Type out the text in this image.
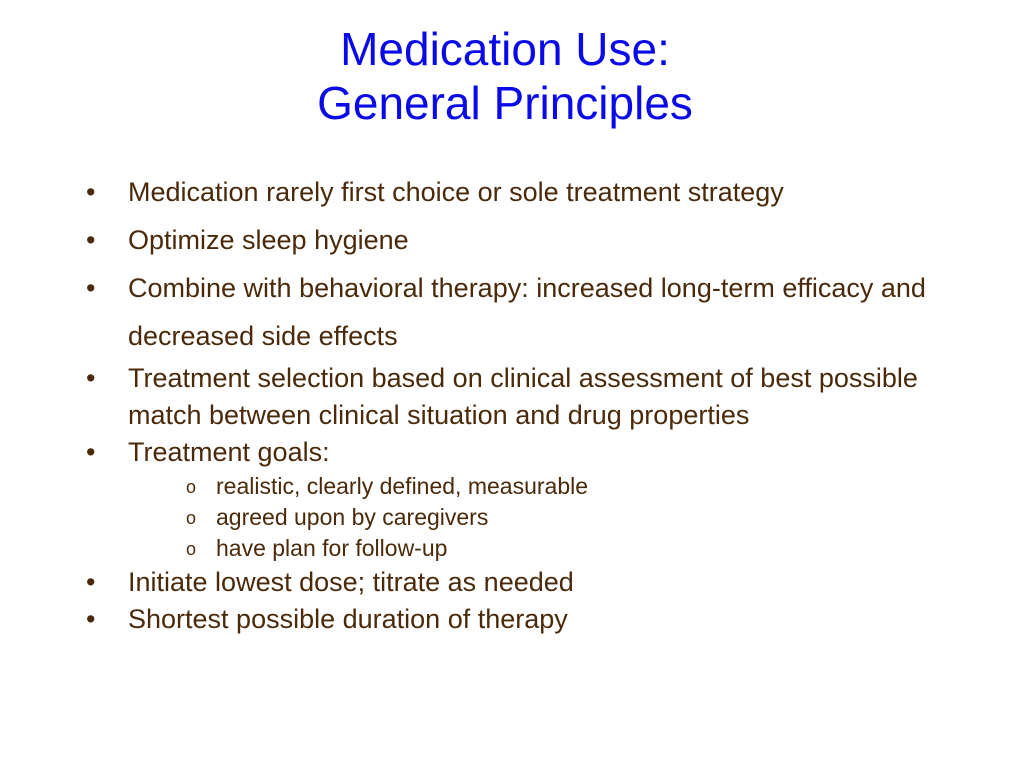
Medication Use:
General Principles
•	Medication rarely first choice or sole treatment strategy
•	Optimize sleep hygiene
•	Combine with behavioral therapy: increased long-term efficacy and decreased side effects
•	Treatment selection based on clinical assessment of best possible match between clinical situation and drug properties
•	Treatment goals:
o realistic, clearly defined, measurable
o agreed upon by caregivers
o have plan for follow-up
•	Initiate lowest dose; titrate as needed
•	Shortest possible duration of therapy
